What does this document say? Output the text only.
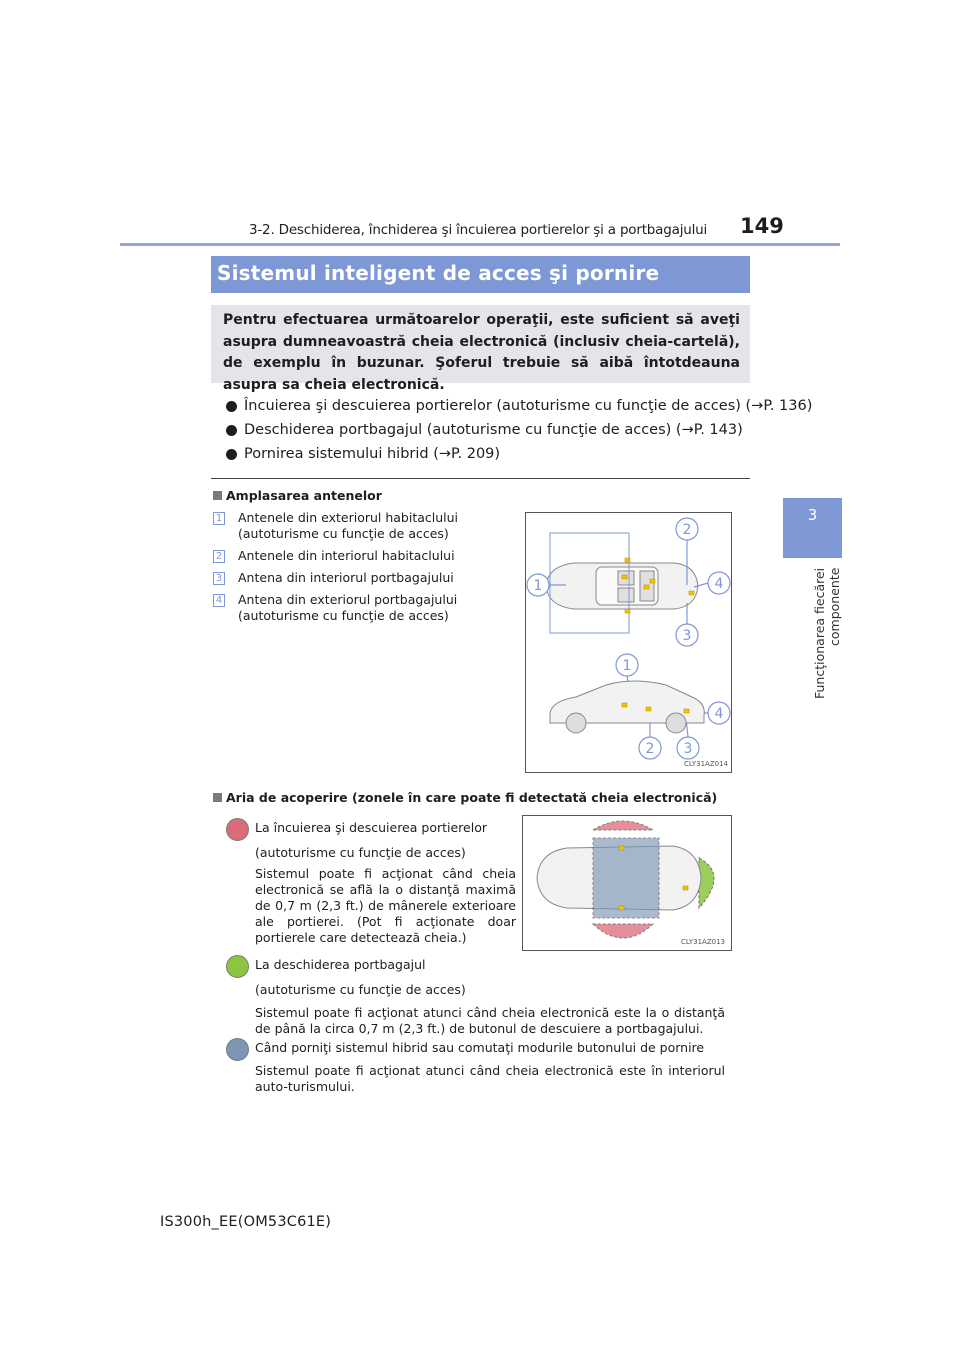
3-2. Deschiderea, închiderea şi încuierea portierelor şi a portbagajului 149
3
Funcţionarea fiecărei componente
Sistemul inteligent de acces şi pornire
Pentru efectuarea următoarelor operaţii, este suficient să aveţi asupra dumneavoastră cheia electronică (inclusiv cheia-cartelă), de exemplu în buzunar. Şoferul trebuie să aibă întotdeauna asupra sa cheia electronică.
Încuierea şi descuierea portierelor (autoturisme cu funcţie de acces) (→P. 136)
Deschiderea portbagajul (autoturisme cu funcţie de acces) (→P. 143)
Pornirea sistemului hibrid (→P. 209)
Amplasarea antenelor
1 Antenele din exteriorul habitaclului (autoturisme cu funcţie de acces)
2 Antenele din interiorul habitaclului
3 Antena din interiorul portbagajului
4 Antena din exteriorul portbagajului (autoturisme cu funcţie de acces)
2
1	4
3
1
4
2 3
CLY31AZ014
Aria de acoperire (zonele în care poate fi detectată cheia electronică)
La încuierea şi descuierea portierelor
(autoturisme cu funcţie de acces)
Sistemul poate fi acţionat când cheia electronică se află la o distanţă maximă de 0,7 m (2,3 ft.) de mânerele exterioare ale portierei. (Pot fi acţionate doar portierele care detectează cheia.)
La deschiderea portbagajul
(autoturisme cu funcţie de acces)
Sistemul poate fi acţionat atunci când cheia electronică este la o distanţă de până la circa 0,7 m (2,3 ft.) de butonul de descuiere a portbagajului.
Când porniţi sistemul hibrid sau comutaţi modurile butonului de pornire
Sistemul poate fi acţionat atunci când cheia electronică este în interiorul auto-turismului.
CLY31AZ013
IS300h_EE(OM53C61E)
